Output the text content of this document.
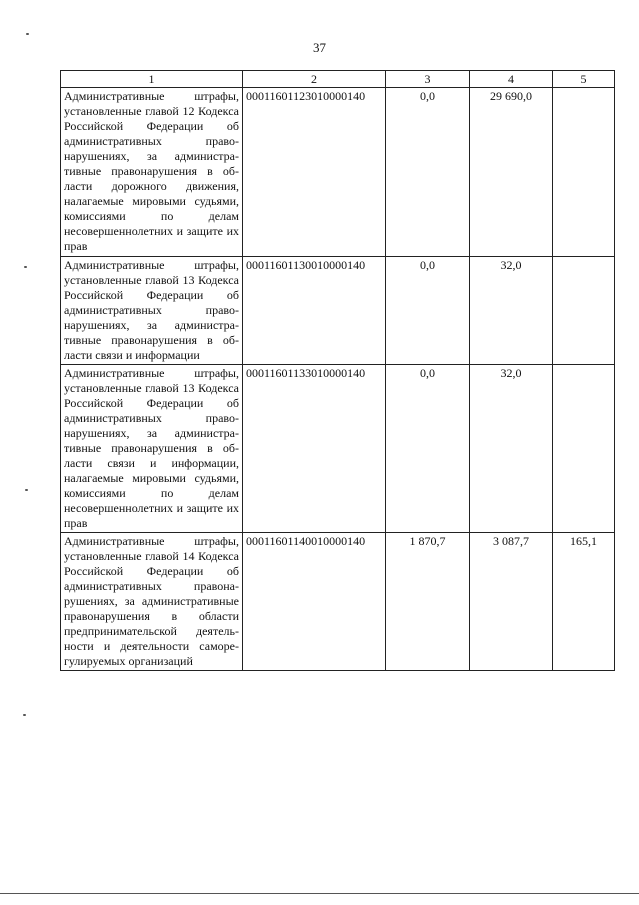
37
1	2	3	4	5
Административные штрафы, установленные главой 12 Кодекса Российской Федерации об административных правонарушениях, за административные правонарушения в области дорожного движения, налагаемые мировыми судьями, комиссиями по делам несовершеннолетних и защите их прав	00011601123010000140	0,0	29 690,0	
Административные штрафы, установленные главой 13 Кодекса Российской Федерации об административных правонарушениях, за административные правонарушения в области связи и информации	00011601130010000140	0,0	32,0	
Административные штрафы, установленные главой 13 Кодекса Российской Федерации об административных правонарушениях, за административные правонарушения в области связи и информации, налагаемые мировыми судьями, комиссиями по делам несовершеннолетних и защите их прав	00011601133010000140	0,0	32,0	
Административные штрафы, установленные главой 14 Кодекса Российской Федерации об административных правонарушениях, за административные правонарушения в области предпринимательской деятельности и деятельности саморегулируемых организаций	00011601140010000140	1 870,7	3 087,7	165,1
